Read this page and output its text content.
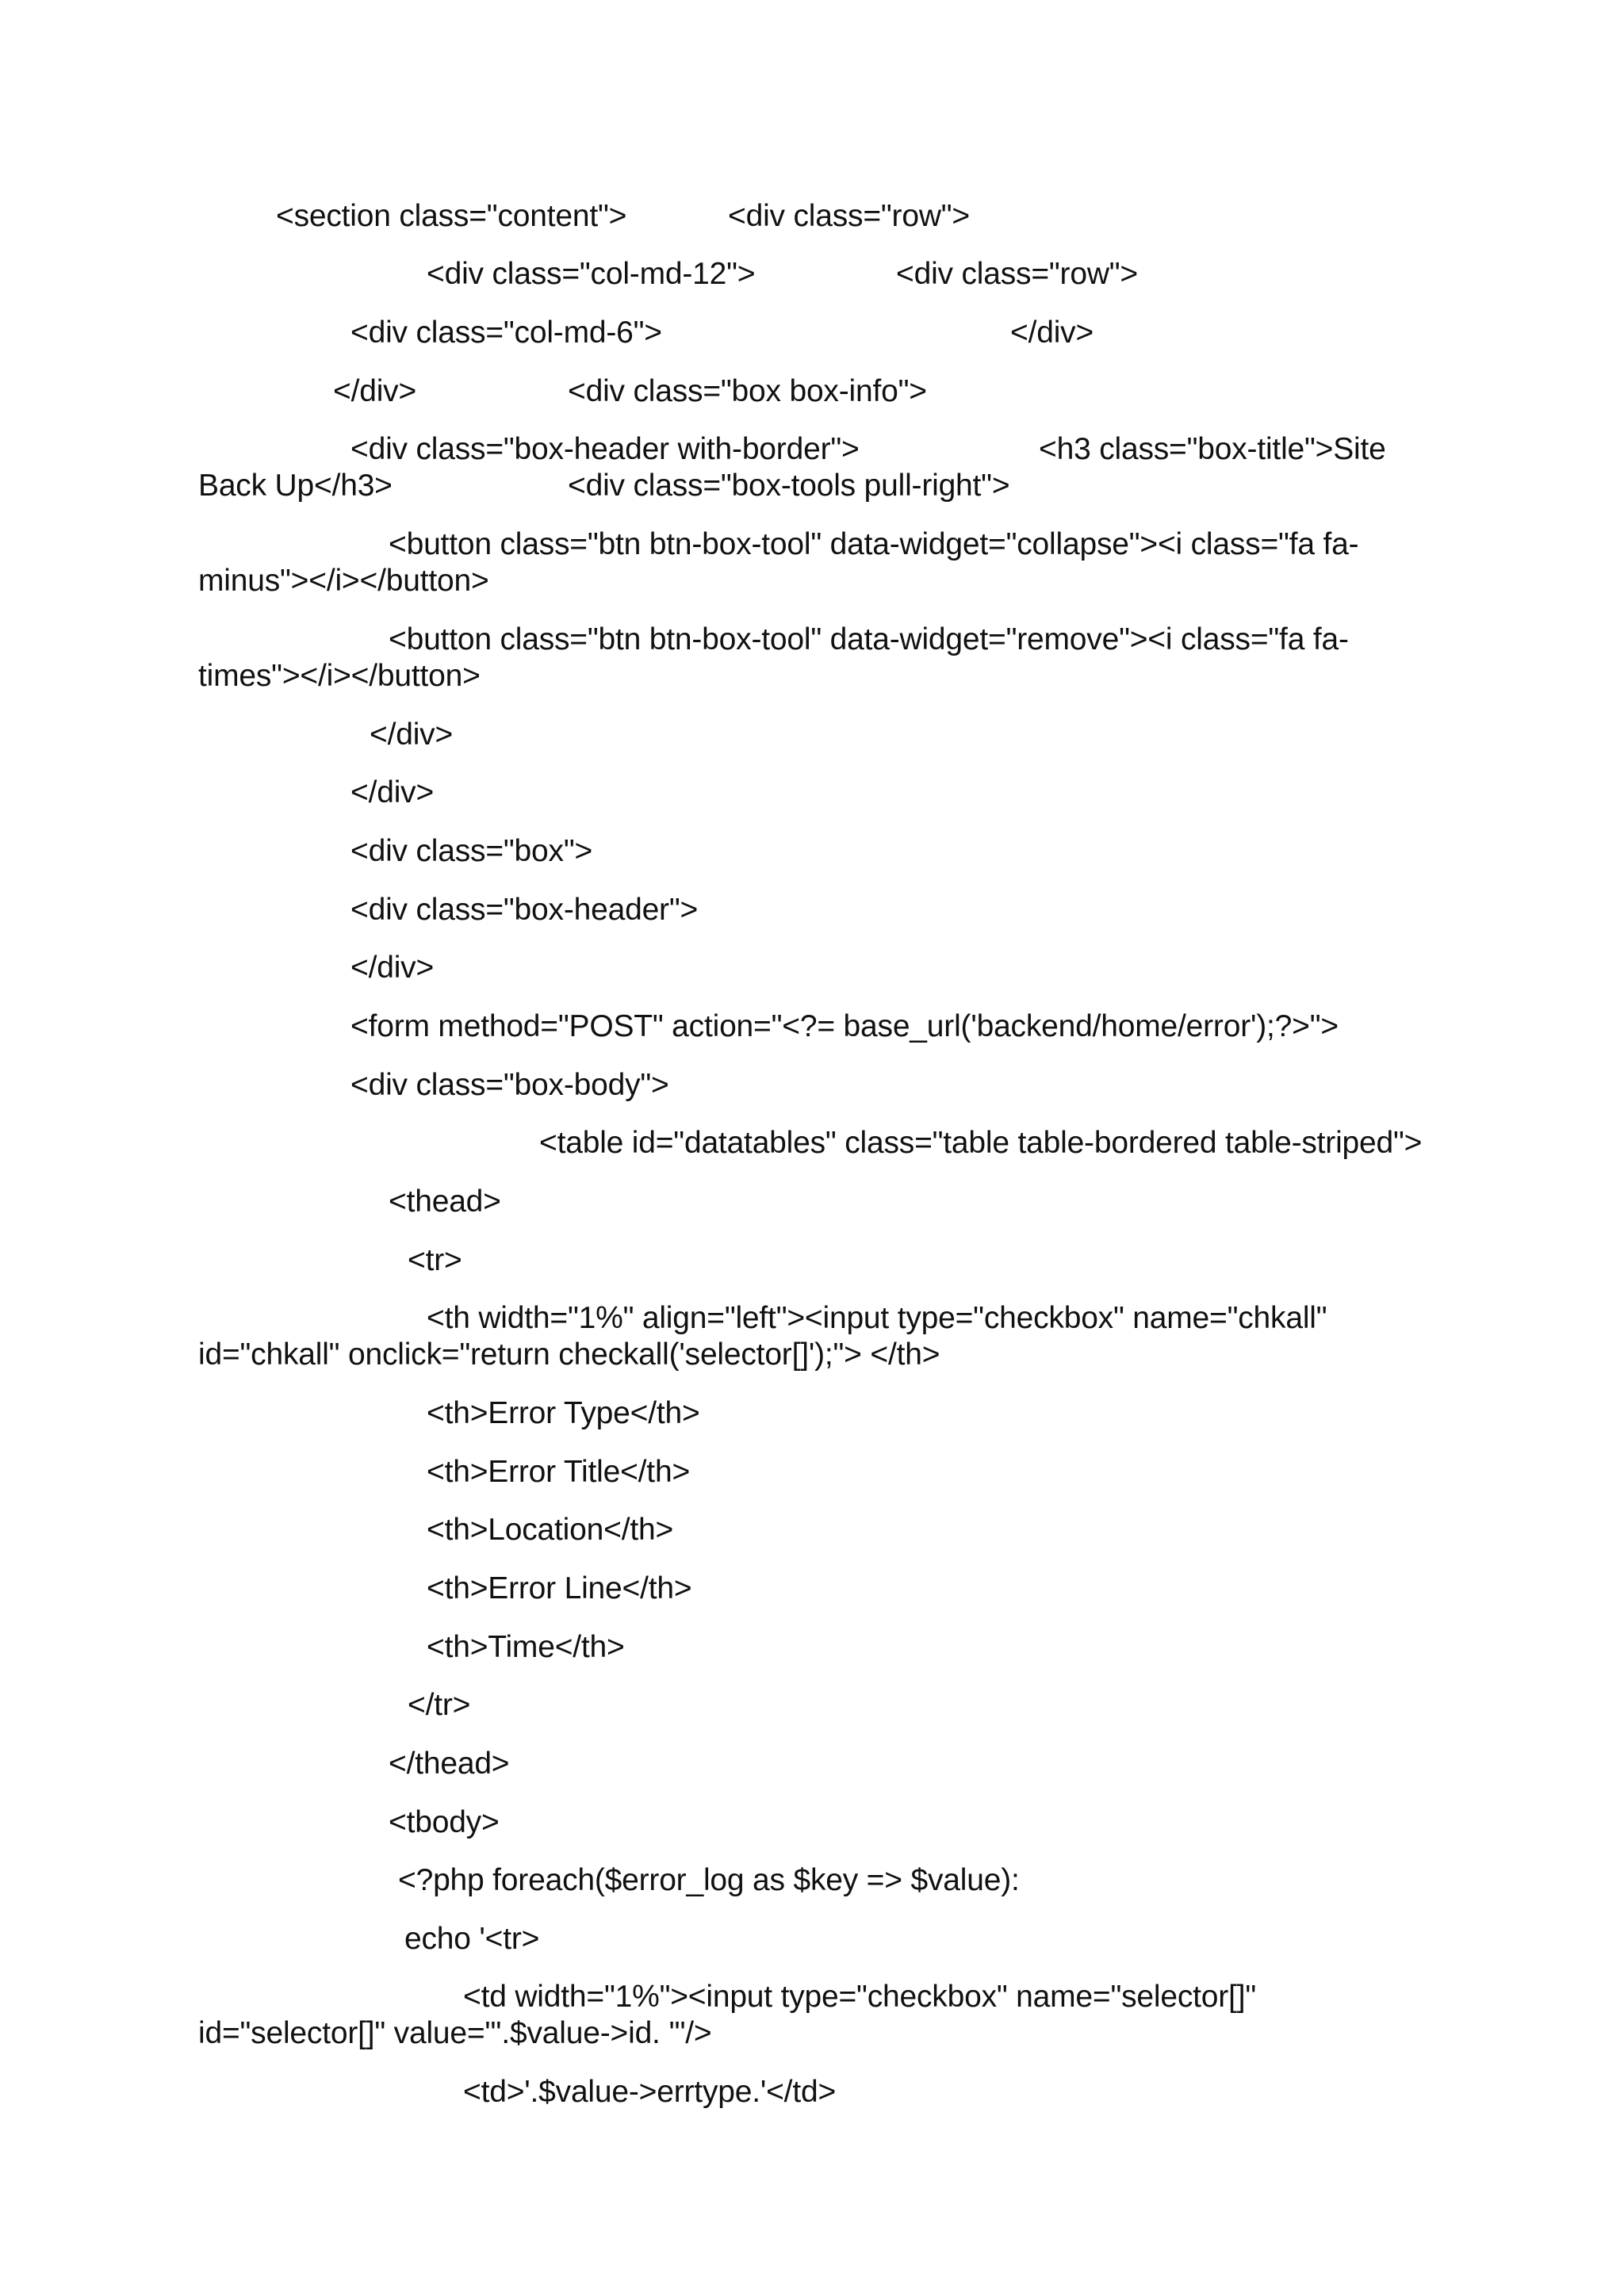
<section class="content">	<div class="row">
<div class="col-md-12">	<div class="row">
<div class="col-md-6">	</div>
</div>	<div class="box box-info">
<div class="box-header with-border">	<h3 class="box-title">Site
Back Up</h3>	<div class="box-tools pull-right">
<button class="btn btn-box-tool" data-widget="collapse"><i class="fa fa-
minus"></i></button>
<button class="btn btn-box-tool" data-widget="remove"><i class="fa fa-
times"></i></button>
</div>
</div>
<div class="box">
<div class="box-header">
</div>
<form method="POST" action="<?= base_url('backend/home/error');?>">
<div class="box-body">
<table id="datatables" class="table table-bordered table-striped">
<thead>
<tr>
<th width="1%" align="left"><input type="checkbox" name="chkall"
id="chkall" onclick="return checkall('selector[]');"> </th>
<th>Error Type</th>
<th>Error Title</th>
<th>Location</th>
<th>Error Line</th>
<th>Time</th>
</tr>
</thead>
<tbody>
<?php foreach($error_log as $key => $value):
echo '<tr>
<td width="1%"><input type="checkbox" name="selector[]"
id="selector[]" value="'.$value->id. '"/>
<td>'.$value->errtype.'</td>
